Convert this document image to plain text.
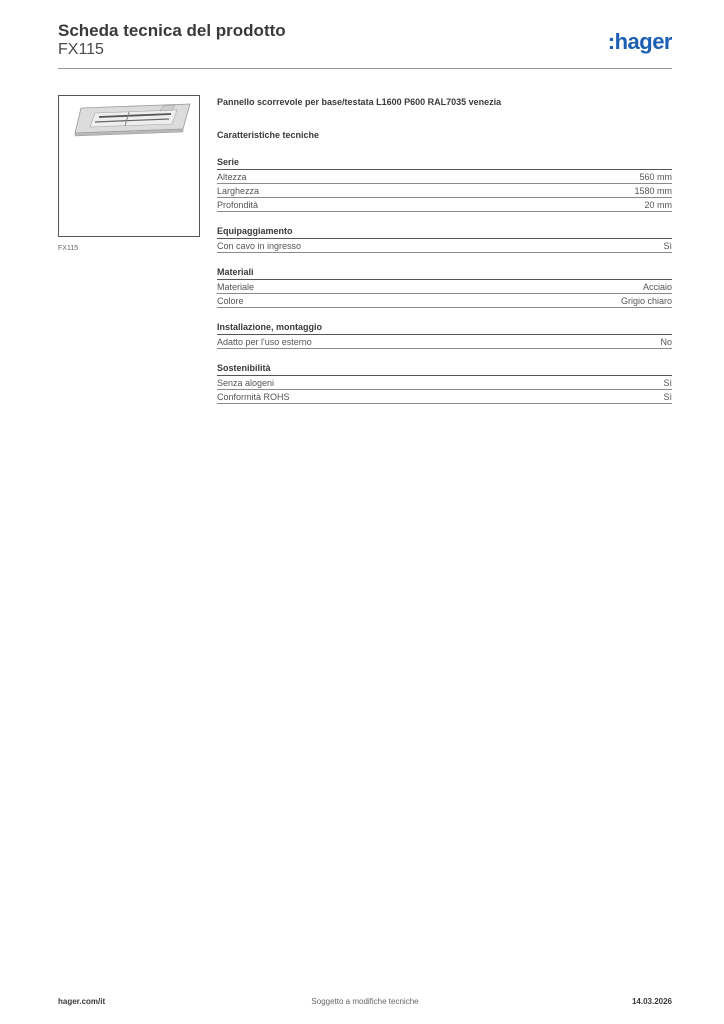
Scheda tecnica del prodotto
FX115	:hager
FX115
Pannello scorrevole per base/testata L1600 P600 RAL7035 venezia
Caratteristiche tecniche
Serie
Altezza	560 mm
Larghezza	1580 mm
Profondità	20 mm
Equipaggiamento
Con cavo in ingresso	Sì
Materiali
Materiale	Acciaio
Colore	Grigio chiaro
Installazione, montaggio
Adatto per l'uso esterno	No
Sostenibilità
Senza alogeni	Sì
Conformità ROHS	Sì
hager.com/it	Soggetto a modifiche tecniche	14.03.2026
